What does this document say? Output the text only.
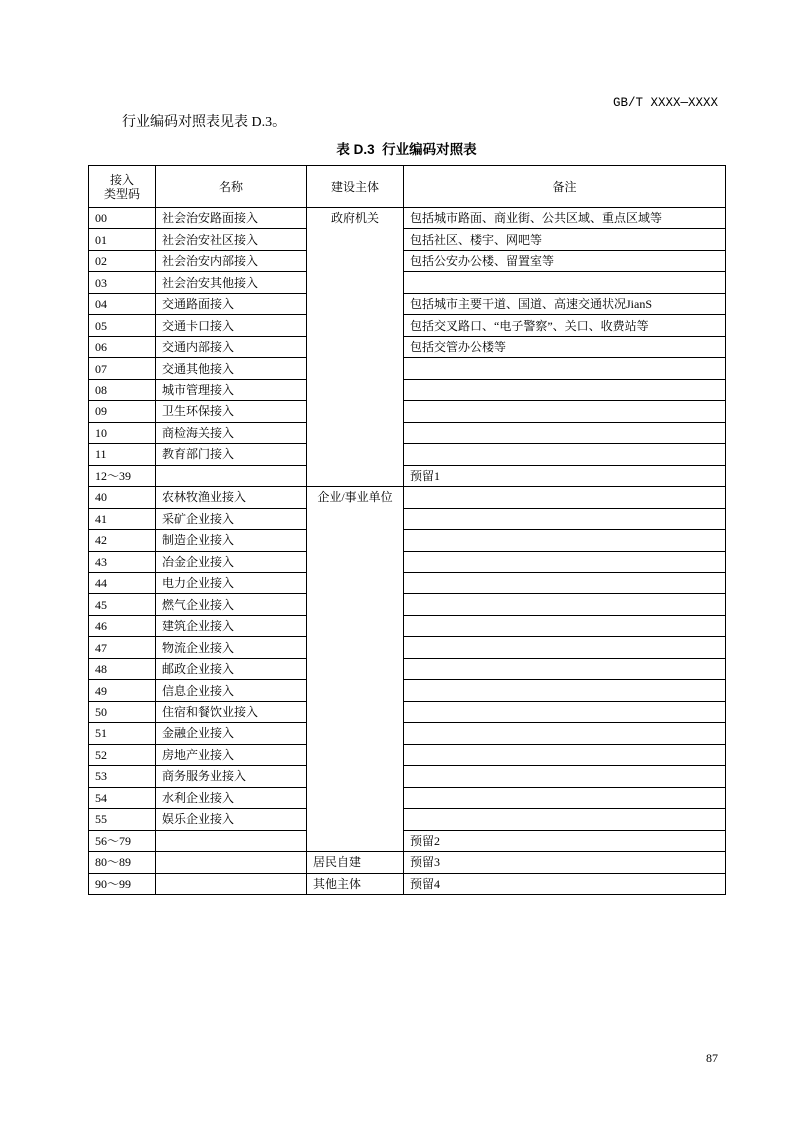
GB/T XXXX—XXXX
行业编码对照表见表 D.3。
表 D.3  行业编码对照表
接入
类型码	名称	建设主体	备注
00	社会治安路面接入	政府机关	包括城市路面、商业街、公共区域、重点区域等
01	社会治安社区接入		包括社区、楼宇、网吧等
02	社会治安内部接入		包括公安办公楼、留置室等
03	社会治安其他接入		
04	交通路面接入		包括城市主要干道、国道、高速交通状况JianS
05	交通卡口接入		包括交叉路口、“电子警察”、关口、收费站等
06	交通内部接入		包括交管办公楼等
07	交通其他接入		
08	城市管理接入		
09	卫生环保接入		
10	商检海关接入		
11	教育部门接入		
12～39			预留1
40	农林牧渔业接入	企业/事业单位	
41	采矿企业接入		
42	制造企业接入		
43	冶金企业接入		
44	电力企业接入		
45	燃气企业接入		
46	建筑企业接入		
47	物流企业接入		
48	邮政企业接入		
49	信息企业接入		
50	住宿和餐饮业接入		
51	金融企业接入		
52	房地产业接入		
53	商务服务业接入		
54	水利企业接入		
55	娱乐企业接入		
56～79			预留2
80～89		居民自建	预留3
90～99		其他主体	预留4
87
